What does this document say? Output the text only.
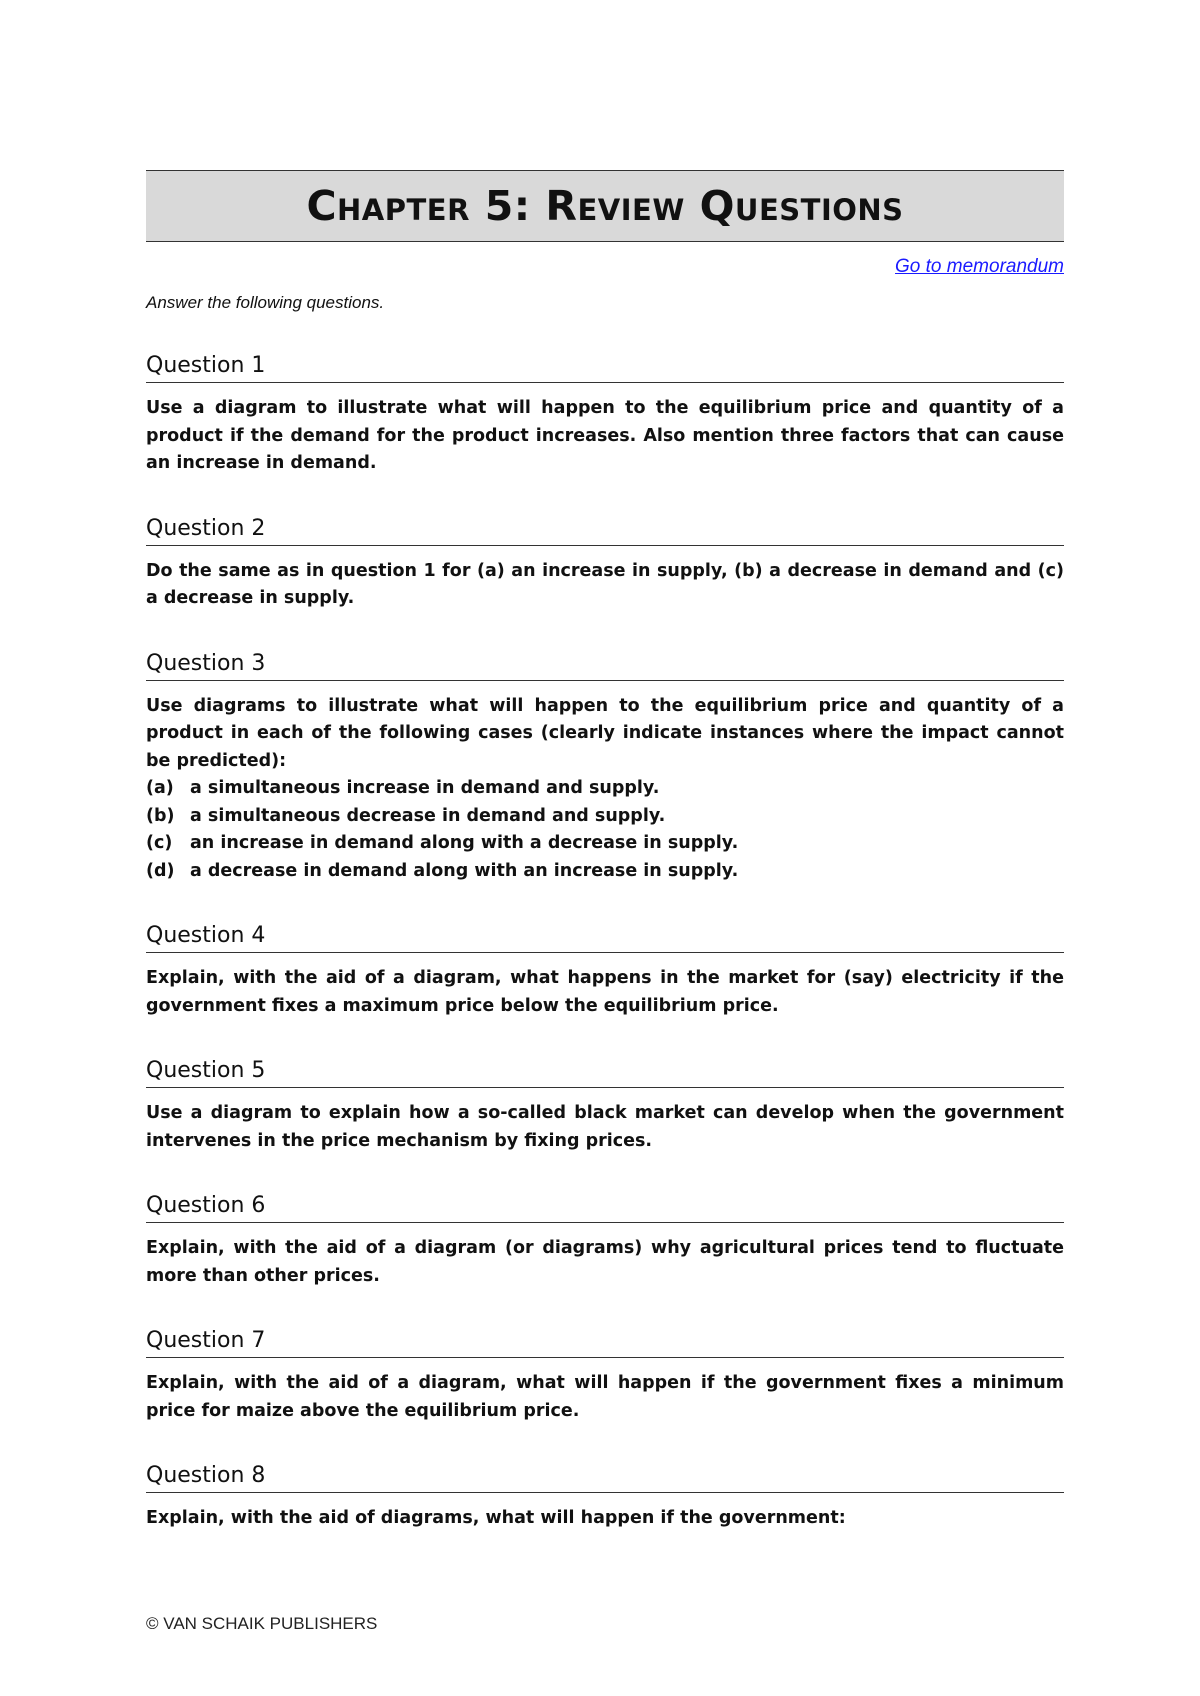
Chapter 5: Review Questions
Go to memorandum

Answer the following questions.

Question 1

Use a diagram to illustrate what will happen to the equilibrium price and quantity of a product if the demand for the product increases. Also mention three factors that can cause an increase in demand.

Question 2

Do the same as in question 1 for (a) an increase in supply, (b) a decrease in demand and (c) a decrease in supply.

Question 3

Use diagrams to illustrate what will happen to the equilibrium price and quantity of a product in each of the following cases (clearly indicate instances where the impact cannot be predicted):

(a) a simultaneous increase in demand and supply.
(b) a simultaneous decrease in demand and supply.
(c)	an increase in demand along with a decrease in supply.
(d) a decrease in demand along with an increase in supply.
Question 4

Explain, with the aid of a diagram, what happens in the market for (say) electricity if the government fixes a maximum price below the equilibrium price.

Question 5

Use a diagram to explain how a so-called black market can develop when the government intervenes in the price mechanism by fixing prices.

Question 6

Explain, with the aid of a diagram (or diagrams) why agricultural prices tend to fluctuate more than other prices.

Question 7

Explain, with the aid of a diagram, what will happen if the government fixes a minimum price for maize above the equilibrium price.

Question 8

Explain, with the aid of diagrams, what will happen if the government:

© VAN SCHAIK PUBLISHERS
